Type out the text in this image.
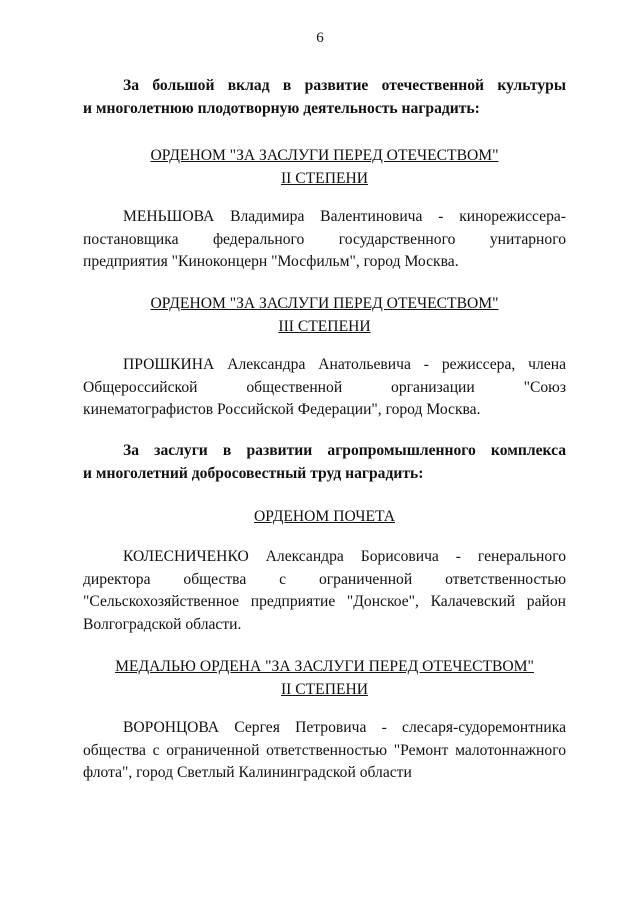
6
За большой вклад в развитие отечественной культуры
и многолетнюю плодотворную деятельность наградить:
ОРДЕНОМ "ЗА ЗАСЛУГИ ПЕРЕД ОТЕЧЕСТВОМ"
II СТЕПЕНИ
МЕНЬШОВА Владимира Валентиновича - кинорежиссера-
постановщика федерального государственного унитарного
предприятия "Киноконцерн "Мосфильм", город Москва.
ОРДЕНОМ "ЗА ЗАСЛУГИ ПЕРЕД ОТЕЧЕСТВОМ"
III СТЕПЕНИ
ПРОШКИНА Александра Анатольевича - режиссера, члена
Общероссийской общественной организации "Союз
кинематографистов Российской Федерации", город Москва.
За заслуги в развитии агропромышленного комплекса
и многолетний добросовестный труд наградить:
ОРДЕНОМ ПОЧЕТА
КОЛЕСНИЧЕНКО Александра Борисовича - генерального
директора общества с ограниченной ответственностью
"Сельскохозяйственное предприятие "Донское", Калачевский район
Волгоградской области.
МЕДАЛЬЮ ОРДЕНА "ЗА ЗАСЛУГИ ПЕРЕД ОТЕЧЕСТВОМ"
II СТЕПЕНИ
ВОРОНЦОВА Сергея Петровича - слесаря-судоремонтника
общества с ограниченной ответственностью "Ремонт малотоннажного
флота", город Светлый Калининградской области
